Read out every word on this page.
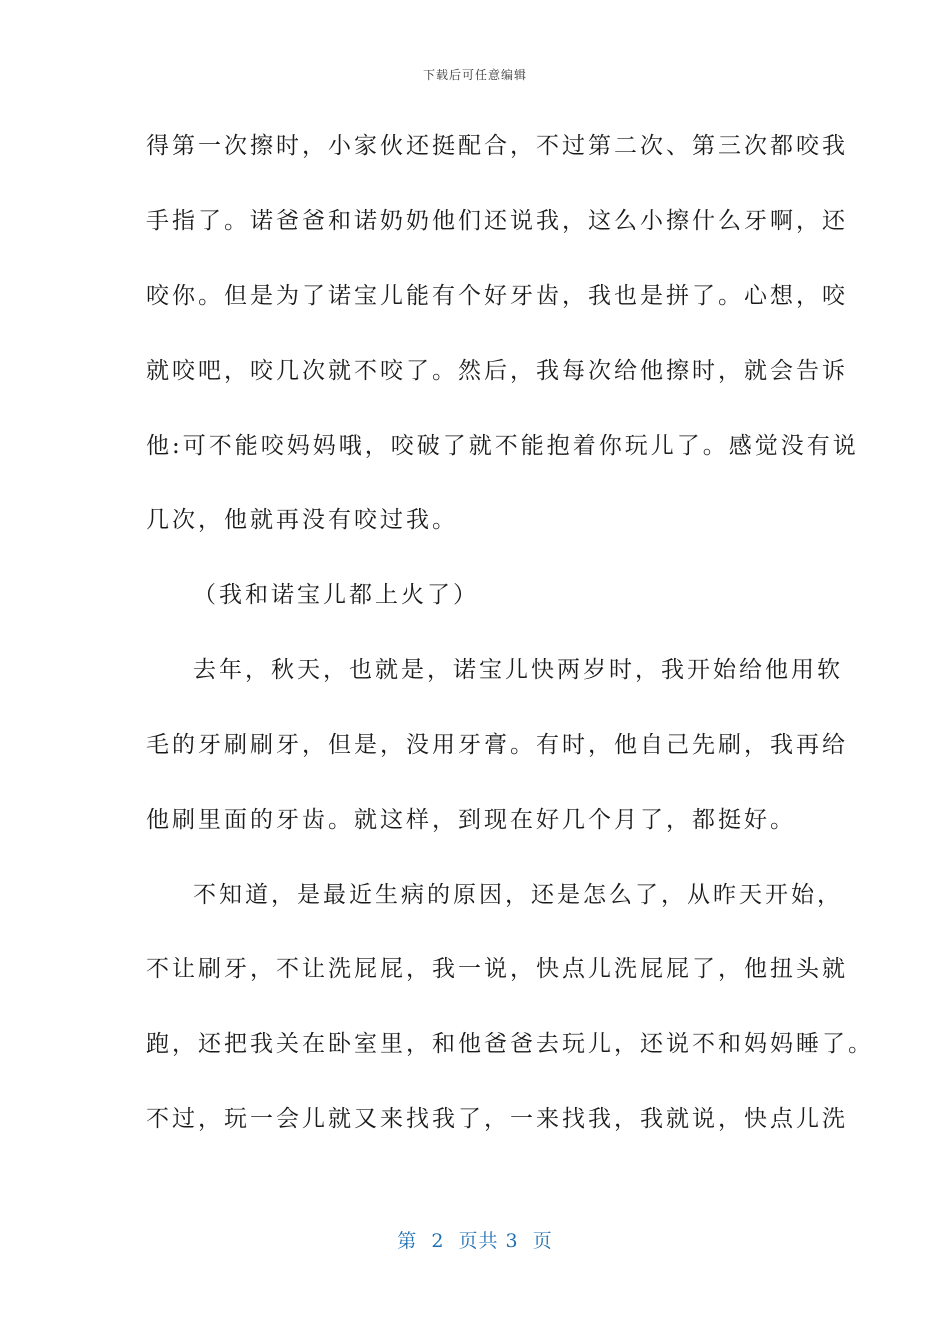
下载后可任意编辑
得第一次擦时，小家伙还挺配合，不过第二次、第三次都咬我
手指了。诺爸爸和诺奶奶他们还说我，这么小擦什么牙啊，还
咬你。但是为了诺宝儿能有个好牙齿，我也是拼了。心想，咬
就咬吧，咬几次就不咬了。然后，我每次给他擦时，就会告诉
他:可不能咬妈妈哦，咬破了就不能抱着你玩儿了。感觉没有说
几次，他就再没有咬过我。
（我和诺宝儿都上火了）
去年，秋天，也就是，诺宝儿快两岁时，我开始给他用软
毛的牙刷刷牙，但是，没用牙膏。有时，他自己先刷，我再给
他刷里面的牙齿。就这样，到现在好几个月了，都挺好。
不知道，是最近生病的原因，还是怎么了，从昨天开始，
不让刷牙，不让洗屁屁，我一说，快点儿洗屁屁了，他扭头就
跑，还把我关在卧室里，和他爸爸去玩儿，还说不和妈妈睡了。
不过，玩一会儿就又来找我了，一来找我，我就说，快点儿洗
第  2  页共 3  页
